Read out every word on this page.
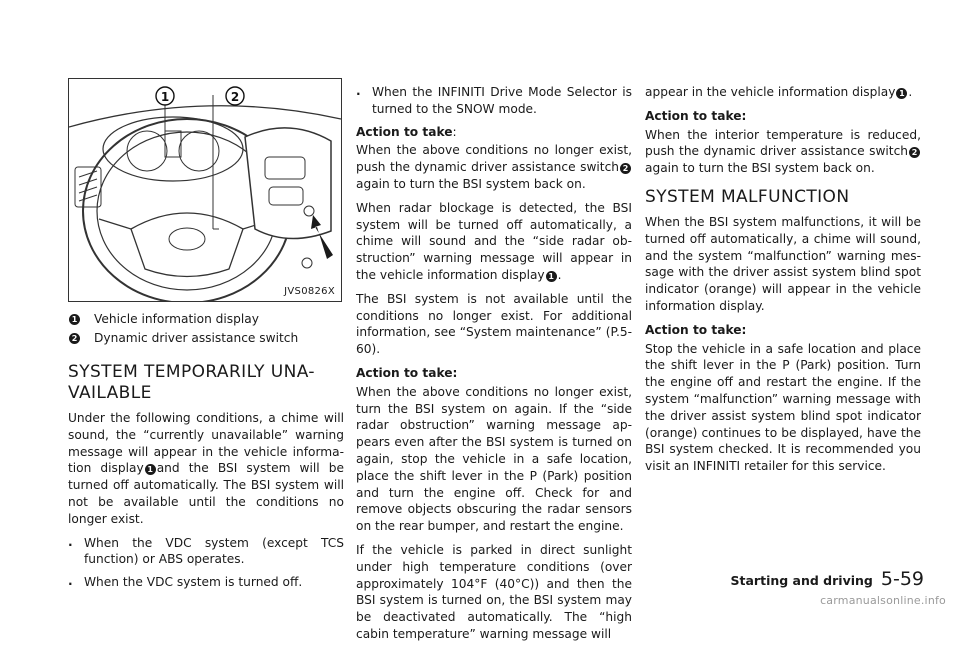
1	2
JVS0826X
1 Vehicle information display
2 Dynamic driver assistance switch
SYSTEM TEMPORARILY UNA-
VAILABLE

Under the following conditions, a chime will sound, the “currently unavailable” warning message will appear in the vehicle informa-tion display 1 and the BSI system will be turned off automatically. The BSI system will not be available until the conditions no longer exist.

. When the VDC system (except TCS function) or ABS operates.
. When the VDC system is turned off.
. When the INFINITI Drive Mode Selector is turned to the SNOW mode.

Action to take:

When the above conditions no longer exist, push the dynamic driver assistance switch 2 again to turn the BSI system back on.

When radar blockage is detected, the BSI system will be turned off automatically, a chime will sound and the “side radar ob-struction” warning message will appear in the vehicle information display 1 .

The BSI system is not available until the conditions no longer exist. For additional information, see “System maintenance” (P.5-60).

Action to take:

When the above conditions no longer exist, turn the BSI system on again. If the “side radar obstruction” warning message ap-pears even after the BSI system is turned on again, stop the vehicle in a safe location, place the shift lever in the P (Park) position and turn the engine off. Check for and remove objects obscuring the radar sensors on the rear bumper, and restart the engine.

If the vehicle is parked in direct sunlight under high temperature conditions (over approximately 104°F (40°C)) and then the BSI system is turned on, the BSI system may be deactivated automatically. The “high cabin temperature” warning message will

appear in the vehicle information display 1 .

Action to take:

When the interior temperature is reduced, push the dynamic driver assistance switch 2 again to turn the BSI system back on.

SYSTEM MALFUNCTION

When the BSI system malfunctions, it will be turned off automatically, a chime will sound, and the system “malfunction” warning mes-sage with the driver assist system blind spot indicator (orange) will appear in the vehicle information display.

Action to take:

Stop the vehicle in a safe location and place the shift lever in the P (Park) position. Turn the engine off and restart the engine. If the system “malfunction” warning message with the driver assist system blind spot indicator (orange) continues to be displayed, have the BSI system checked. It is recommended you visit an INFINITI retailer for this service.

Starting and driving 5-59
carmanualsonline.info
